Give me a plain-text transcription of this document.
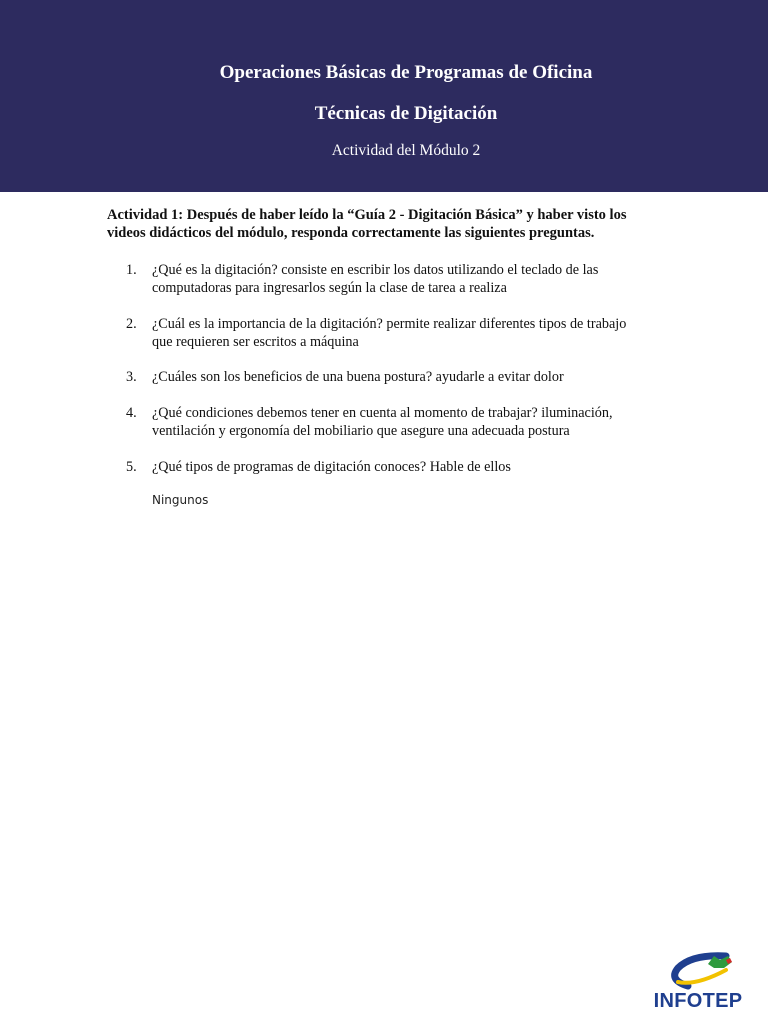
Operaciones Básicas de Programas de Oficina

Técnicas de Digitación

Actividad del Módulo 2

Actividad 1: Después de haber leído la “Guía 2 - Digitación Básica” y haber visto los
videos didácticos del módulo, responda correctamente las siguientes preguntas.

1.	¿Qué es la digitación? consiste en escribir los datos utilizando el teclado de las
computadoras para ingresarlos según la clase de tarea a realiza
2.	¿Cuál es la importancia de la digitación? permite realizar diferentes tipos de trabajo
que requieren ser escritos a máquina
3.	¿Cuáles son los beneficios de una buena postura? ayudarle a evitar dolor
4.	¿Qué condiciones debemos tener en cuenta al momento de trabajar? iluminación,
ventilación y ergonomía del mobiliario que asegure una adecuada postura
5.	¿Qué tipos de programas de digitación conoces? Hable de ellos

Ningunos

INFOTEP
